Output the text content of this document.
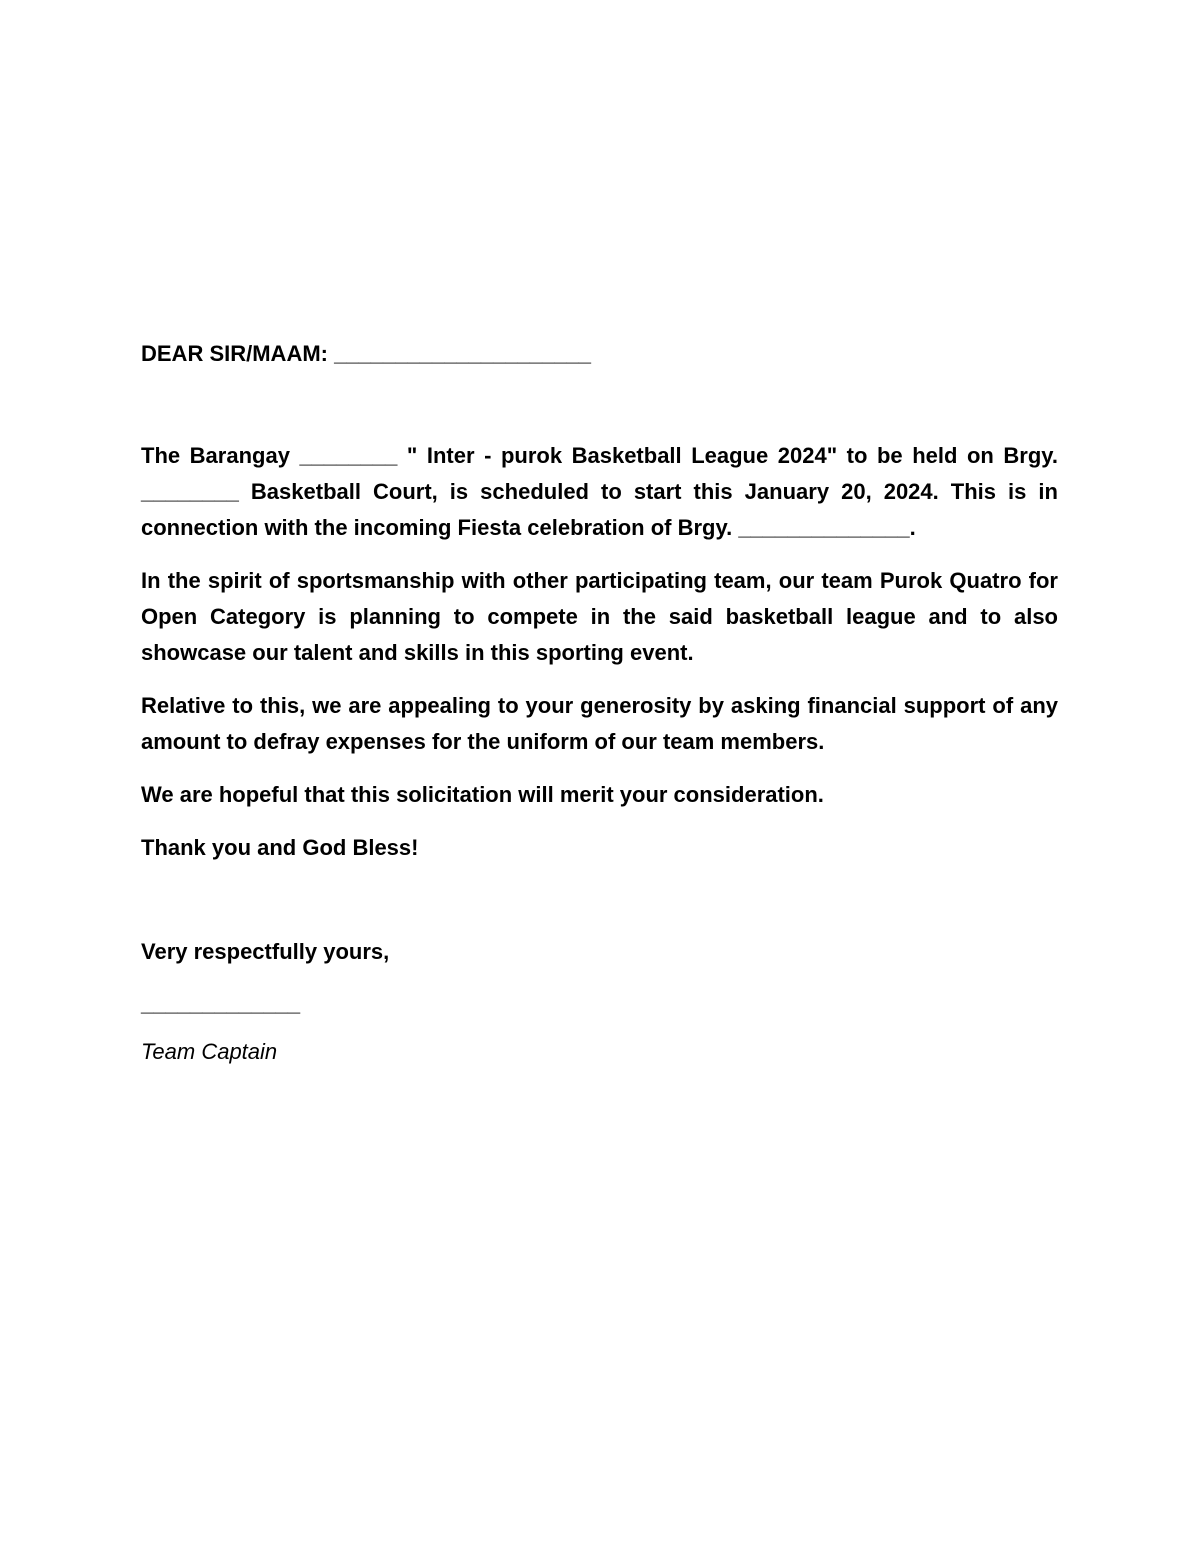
DEAR SIR/MAAM: _____________________

The Barangay ________ " Inter - purok Basketball League 2024" to be held on Brgy. ________ Basketball Court, is scheduled to start this January 20, 2024. This is in connection with the incoming Fiesta celebration of Brgy. ______________.

In the spirit of sportsmanship with other participating team, our team Purok Quatro for Open Category is planning to compete in the said basketball league and to also showcase our talent and skills in this sporting event.

Relative to this, we are appealing to your generosity by asking financial support of any amount to defray expenses for the uniform of our team members.

We are hopeful that this solicitation will merit your consideration.

Thank you and God Bless!

Very respectfully yours,

_____________

Team Captain
